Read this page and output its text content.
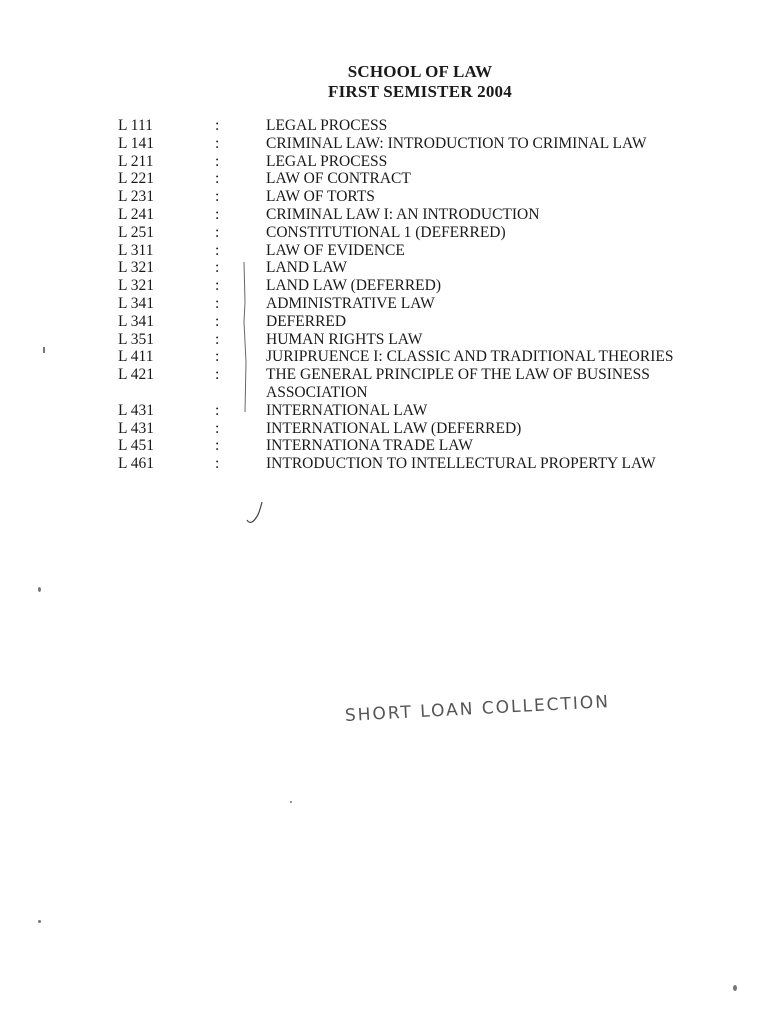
SCHOOL OF LAW
FIRST SEMISTER 2004
L 111	:	LEGAL PROCESS
L 141	:	CRIMINAL LAW: INTRODUCTION TO CRIMINAL LAW
L 211	:	LEGAL PROCESS
L 221	:	LAW OF CONTRACT
L 231	:	LAW OF TORTS
L 241	:	CRIMINAL LAW I: AN INTRODUCTION
L 251	:	CONSTITUTIONAL 1 (DEFERRED)
L 311	:	LAW OF EVIDENCE
L 321	:	LAND LAW
L 321	:	LAND LAW (DEFERRED)
L 341	:	ADMINISTRATIVE LAW
L 341	:	DEFERRED
L 351	:	HUMAN RIGHTS LAW
L 411	:	JURIPRUENCE I: CLASSIC AND TRADITIONAL THEORIES
L 421	:	THE GENERAL PRINCIPLE OF THE LAW OF BUSINESS ASSOCIATION
L 431	:	INTERNATIONAL LAW
L 431	:	INTERNATIONAL LAW (DEFERRED)
L 451	:	INTERNATIONA TRADE LAW
L 461	:	INTRODUCTION TO INTELLECTURAL PROPERTY LAW
SHORT LOAN COLLECTION
